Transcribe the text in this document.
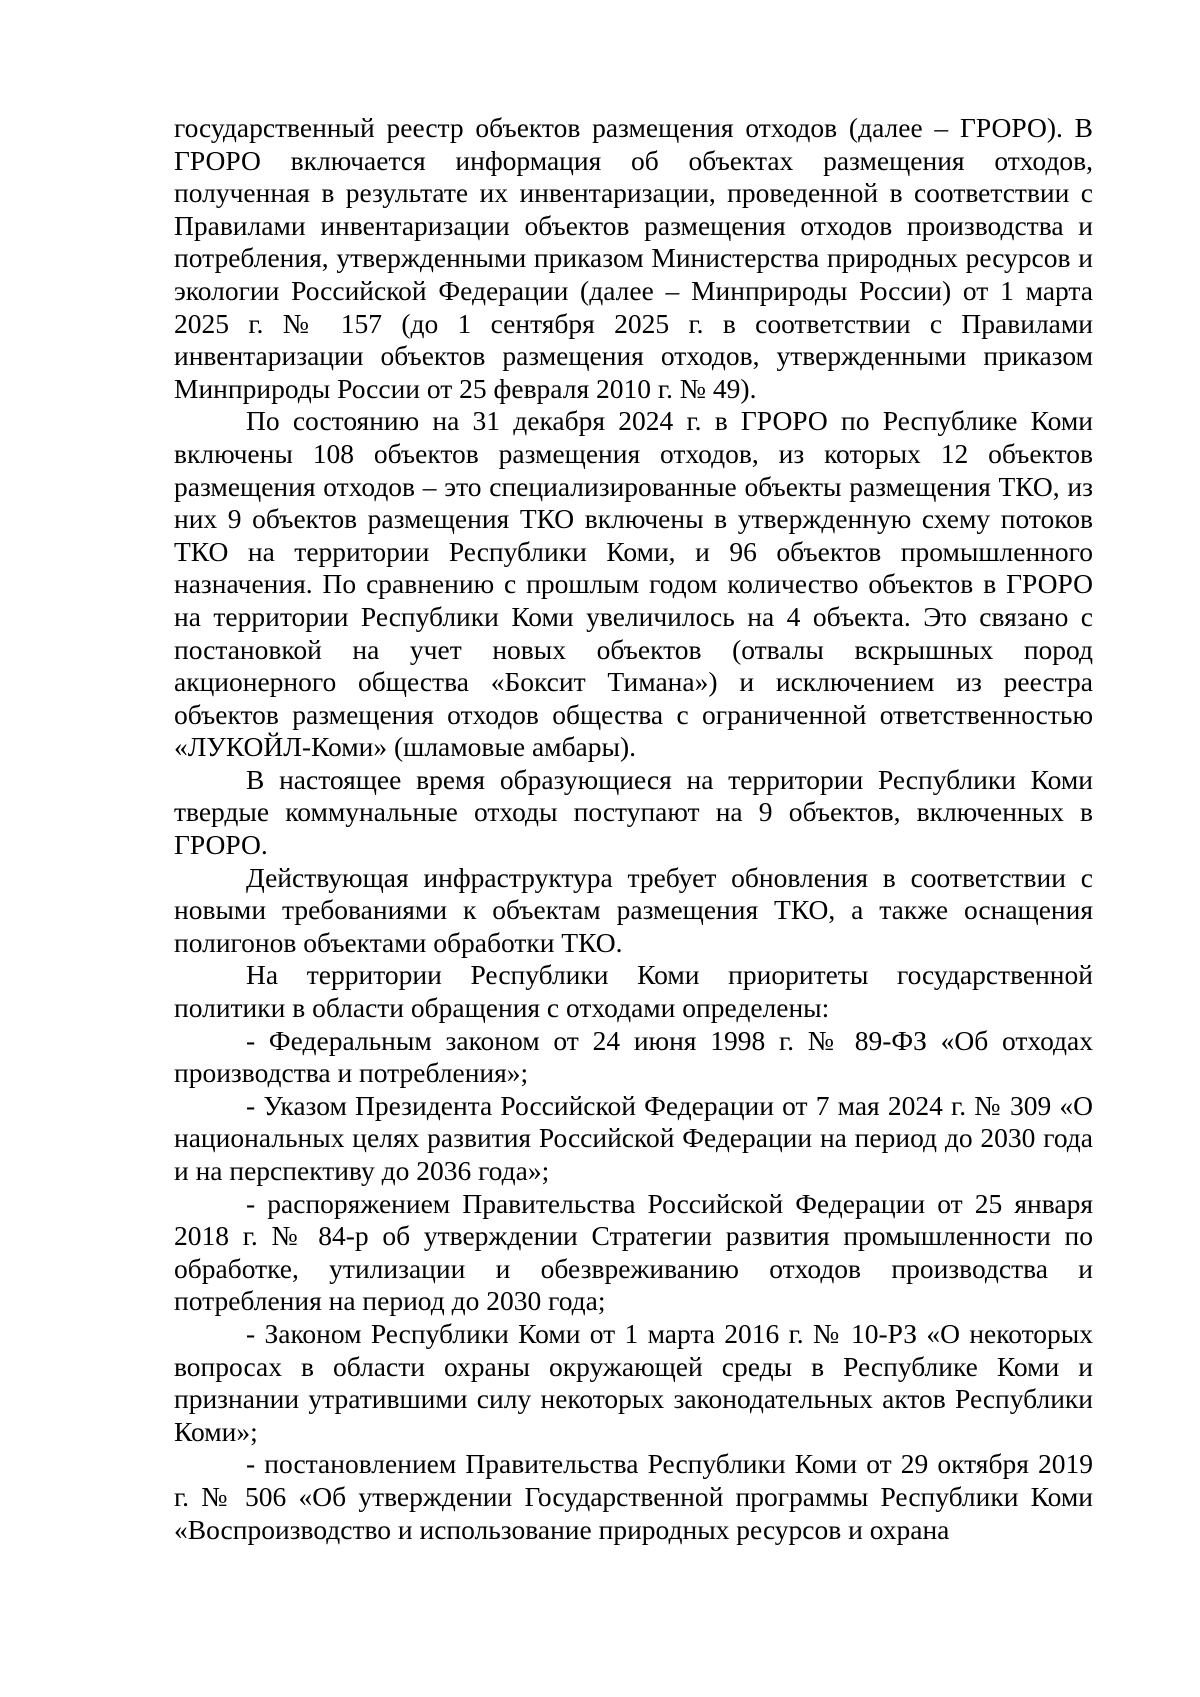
государственный реестр объектов размещения отходов (далее – ГРОРО). В ГРОРО включается информация об объектах размещения отходов, полученная в результате их инвентаризации, проведенной в соответствии с Правилами инвентаризации объектов размещения отходов производства и потребления, утвержденными приказом Министерства природных ресурсов и экологии Российской Федерации (далее – Минприроды России) от 1 марта 2025 г. № 157 (до 1 сентября 2025 г. в соответствии с Правилами инвентаризации объектов размещения отходов, утвержденными приказом Минприроды России от 25 февраля 2010 г. № 49).

По состоянию на 31 декабря 2024 г. в ГРОРО по Республике Коми включены 108 объектов размещения отходов, из которых 12 объектов размещения отходов – это специализированные объекты размещения ТКО, из них 9 объектов размещения ТКО включены в утвержденную схему потоков ТКО на территории Республики Коми, и 96 объектов промышленного назначения. По сравнению с прошлым годом количество объектов в ГРОРО на территории Республики Коми увеличилось на 4 объекта. Это связано с постановкой на учет новых объектов (отвалы вскрышных пород акционерного общества «Боксит Тимана») и исключением из реестра объектов размещения отходов общества с ограниченной ответственностью «ЛУКОЙЛ-Коми» (шламовые амбары).

В настоящее время образующиеся на территории Республики Коми твердые коммунальные отходы поступают на 9 объектов, включенных в ГРОРО.

Действующая инфраструктура требует обновления в соответствии с новыми требованиями к объектам размещения ТКО, а также оснащения полигонов объектами обработки ТКО.

На территории Республики Коми приоритеты государственной политики в области обращения с отходами определены:

- Федеральным законом от 24 июня 1998 г. № 89-ФЗ «Об отходах производства и потребления»;

- Указом Президента Российской Федерации от 7 мая 2024 г. № 309 «О национальных целях развития Российской Федерации на период до 2030 года и на перспективу до 2036 года»;

- распоряжением Правительства Российской Федерации от 25 января 2018 г. № 84-р об утверждении Стратегии развития промышленности по обработке, утилизации и обезвреживанию отходов производства и потребления на период до 2030 года;

- Законом Республики Коми от 1 марта 2016 г. № 10-РЗ «О некоторых вопросах в области охраны окружающей среды в Республике Коми и признании утратившими силу некоторых законодательных актов Республики Коми»;

- постановлением Правительства Республики Коми от 29 октября 2019 г. № 506 «Об утверждении Государственной программы Республики Коми «Воспроизводство и использование природных ресурсов и охрана
